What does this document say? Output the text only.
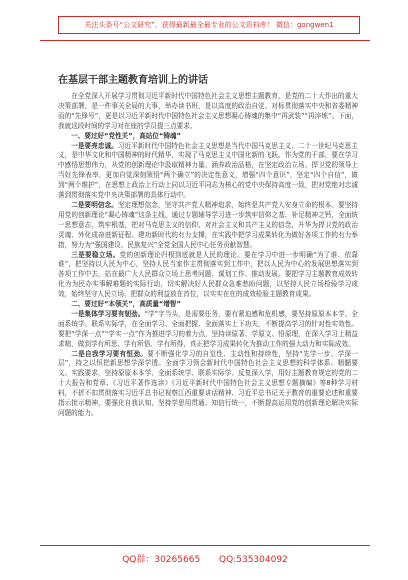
关注头条号“公文研究”，获得最新最全最专业的公文资料库！ 微信：gongwen1
在基层干部主题教育培训上的讲话

在全党深入开展学习贯彻习近平新时代中国特色社会主义思想主题教育，是党的二十大作出的重大决策部署，是一件事关全局的大事，举办读书班，是以高度的政治自觉、对标贯彻落实中央和省委精神而的“先锋号”，更是以习近平新时代中国特色社会主义思想凝心铸魂的集中“再武装”“再淬炼”。下面，我就这段时间的学习对在座的学员提三点要求。

一、要过好“党性关”，高站位“铸魂”

一是要亮忠诚。习近平新时代中国特色社会主义思想是当代中国马克思主义、二十一世纪马克思主义，是中华文化和中国精神的时代精华，实现了马克思主义中国化新的飞跃。作为党的干部，要在学习中感悟思想伟力，从党的创新理论中汲取精神力量、涵养政治品格，在坚定政治立场、捍卫党的领导上当好先锋表率，更加自觉深刻领悟“两个确立”的决定性意义，增强“四个意识”，坚定“四个自信”，做到“两个维护”，在思想上政治上行动上同以习近平同志为核心的党中央保持高度一致，把对党绝对忠诚落到贯彻落实党中央决策部署的具体行动中。

二是要明信念。坚定理想信念，坚守共产党人精神追求，始终是共产党人安身立命的根本。要坚持用党的创新理论“凝心铸魂”这条主线，通过专题辅导学习进一步筑牢信仰之基、补足精神之钙，全面统一思想意志，筑牢根基，把对马克思主义的信仰、对社会主义和共产主义的信念，升华为捍卫党的政治灵魂、外化成奋进新征程、建功新时代的有力支撑，在实践中把学习成果转化为做好各项工作的有力举措，努力为“强国建设、民族复兴”全党全国人民中心任务贡献智慧。

三是要稳立场。党的创新理论归根到底就是人民的理论。要在学习中进一步明确“为了谁、依靠谁”，把坚持以人民为中心，坚持人民当家作主贯彻落实到工作中，把以人民为中心的发展思想落实到各项工作中去，站在最广大人民群众立场上思考问题、谋划工作、推动发展。要把学习主题教育成效转化为为民办实事解难题的实际行动，切实解决好人民群众急难愁盼问题，以坚持人民立场检验学习成效，始终坚守人民立场、把群众的利益放在首位，以实实在在的成效检验主题教育成果。

二、要过好“本领关”，高质量“增智”

一是集体学习要有韧劲。“学”字当头，是需要任务，要有紧迫感和危机感，要坚持原原本本学、全面系统学、联系实际学，在全面学习、全面把握、全面落实上下功夫，不断提高学习的针对性实效性。要把“学深一点”“学实一点”作为推进学习的着力点，坚持读原著、学原文、悟原理，在深入学习上精益求精，做到学有所思、学有所悟、学有所得，真正把学习成果转化为推动工作的强大动力和实际成效。

二是自我学习要有恒劲。要不断强化学习的自觉性、主动性和持续性，坚持“先学一步、学深一层”，持之以恒把新思想学深学透。全面学习领会新时代中国特色社会主义思想的科学体系、精髓要义、实践要求，坚持原原本本学、全面系统学、联系实际学、反复深入学，用好主题教育规定的党的二十大报告和党章、《习近平著作选读》《习近平新时代中国特色社会主义思想专题摘编》等8种学习材料，不折不扣贯彻落实习近平总书记视察江西重要讲话精神、习近平总书记关于教育的重要论述和重要指示批示精神，要强化自我认知，坚持学思用贯通、知信行统一，不断提高运用党的创新理论解决实际问题的能力。

QQ群：30265665 QQ:535304092
